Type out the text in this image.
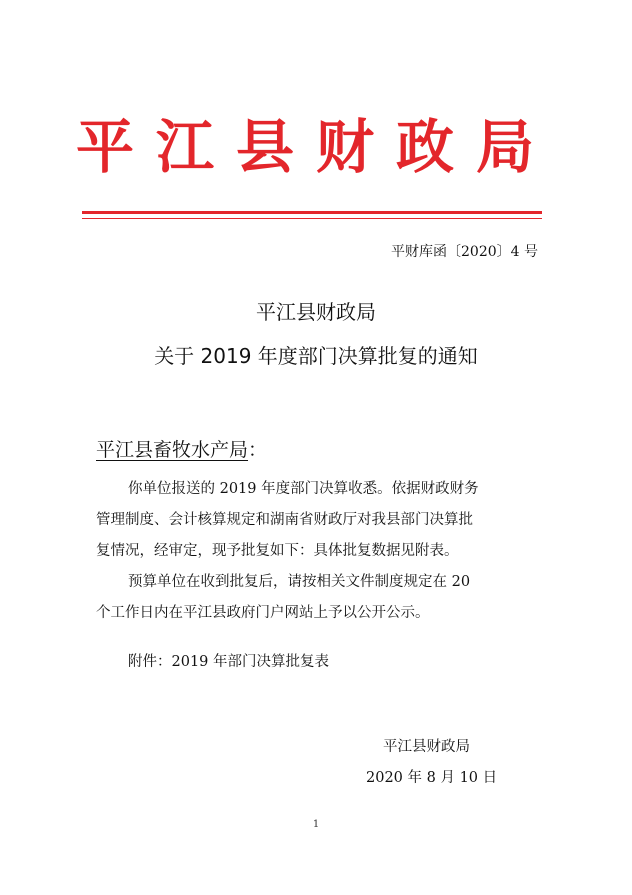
平江县财政局
平财库函〔2020〕4 号
平江县财政局
关于 2019 年度部门决算批复的通知
平江县畜牧水产局：
你单位报送的 2019 年度部门决算收悉。依据财政财务
管理制度、会计核算规定和湖南省财政厅对我县部门决算批
复情况，经审定，现予批复如下：具体批复数据见附表。
预算单位在收到批复后，请按相关文件制度规定在 20
个工作日内在平江县政府门户网站上予以公开公示。
附件：2019 年部门决算批复表
平江县财政局
2020 年 8 月 10 日
1
